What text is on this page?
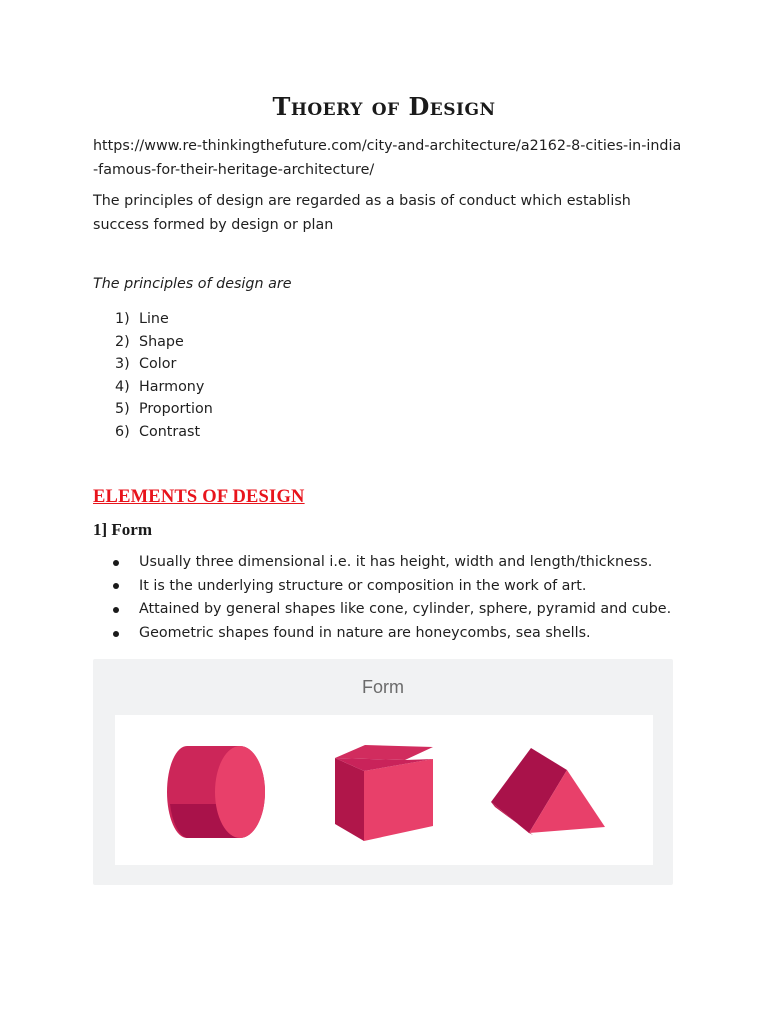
Thoery of Design
https://www.re-thinkingthefuture.com/city-and-architecture/a2162-8-cities-in-india-famous-for-their-heritage-architecture/
The principles of design are regarded as a basis of conduct which establish success formed by design or plan
The principles of design are
1) Line
2) Shape
3) Color
4) Harmony
5) Proportion
6) Contrast
ELEMENTS OF DESIGN
1] Form
Usually three dimensional i.e. it has height, width and length/thickness.
It is the underlying structure or composition in the work of art.
Attained by general shapes like cone, cylinder, sphere, pyramid and cube.
Geometric shapes found in nature are honeycombs, sea shells.
Form
